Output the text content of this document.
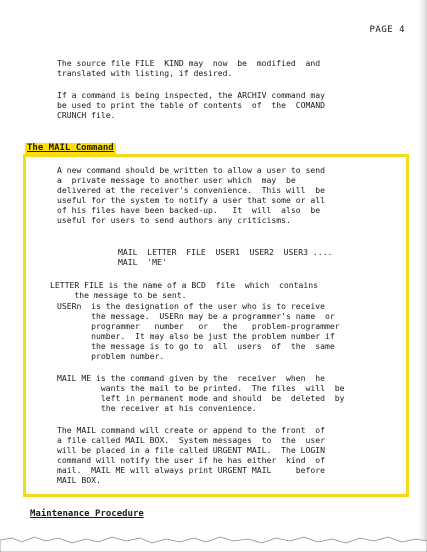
PAGE 4
The source file FILE  KIND may  now  be  modified  and
translated with listing, if desired.
If a command is being inspected, the ARCHIV command may
be used to print the table of contents  of  the  COMAND
CRUNCH file.
The MAIL Command
A new command should be written to allow a user to send
a  private message to another user which  may  be
delivered at the receiver's convenience.  This will  be
useful for the system to notify a user that some or all
of his files have been backed-up.   It  will  also  be
useful for users to send authors any criticisms.
MAIL  LETTER  FILE  USER1  USER2  USER3 ....
MAIL  'ME'
LETTER FILE is the name of a BCD  file  which  contains
the message to be sent.
USERn  is the designation of the user who is to receive
the message.  USERn may be a programmer's name  or
programmer   number   or   the   problem-programmer
number.  It may also be just the problem number if
the message is to go to  all  users  of  the  same
problem number.
MAIL ME is the command given by the  receiver  when  he
wants the mail to be printed.  The files  will  be
left in permanent mode and should  be  deleted  by
the receiver at his convenience.
The MAIL command will create or append to the front  of
a file called MAIL BOX.  System messages  to  the  user
will be placed in a file called URGENT MAIL.  The LOGIN
command will notify the user if he has either  kind  of
mail.  MAIL ME will always print URGENT MAIL     before
MAIL BOX.
Maintenance Procedure
